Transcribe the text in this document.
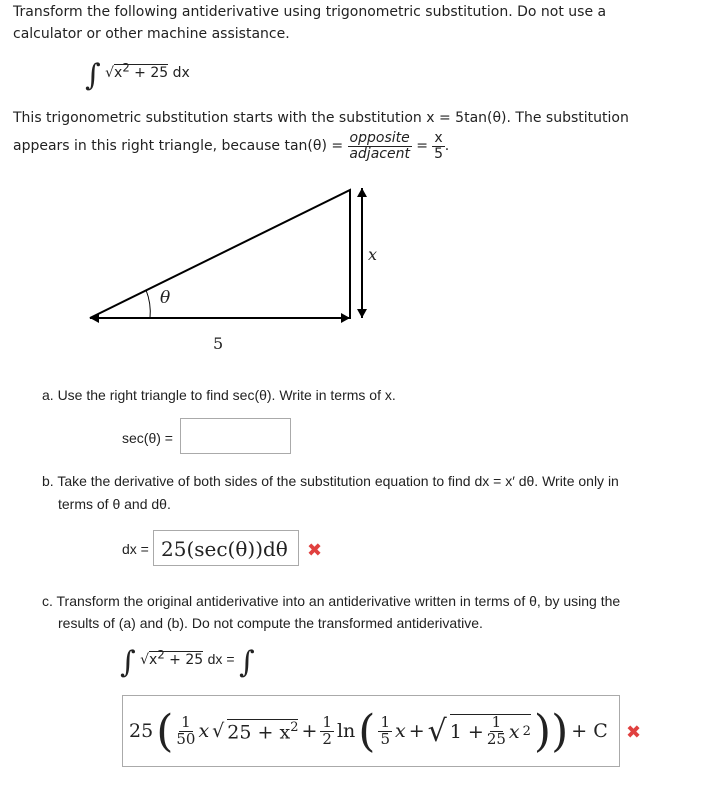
Transform the following antiderivative using trigonometric substitution. Do not use a
calculator or other machine assistance.
∫ $√x^2 + 25$ dx
This trigonometric substitution starts with the substitution x = 5tan(θ). The substitution
appears in this right triangle, because $\tan(\theta) = \frac{\text{opposite}}{\text{adjacent}} = \frac{x}{5}$ .
x
θ
5
a. Use the right triangle to find sec(θ). Write in terms of x.
sec(θ) =
b. Take the derivative of both sides of the substitution equation to find dx = x′ dθ. Write only in
terms of θ and dθ.
dx = 25(sec(θ))dθ	✖
c. Transform the original antiderivative into an antiderivative written in terms of θ, by using the
results of (a) and (b). Do not compute the transformed antiderivative.
∫ $√x^2 + 25$ dx = ∫
25 ( $\frac{1}{50}$ x √ $25 + x^2 + \frac{1}{2}$ ln ( $\frac{1}{5}$ x + √ $1 + \frac{1}{25}$ x 2 )) + C ✖
